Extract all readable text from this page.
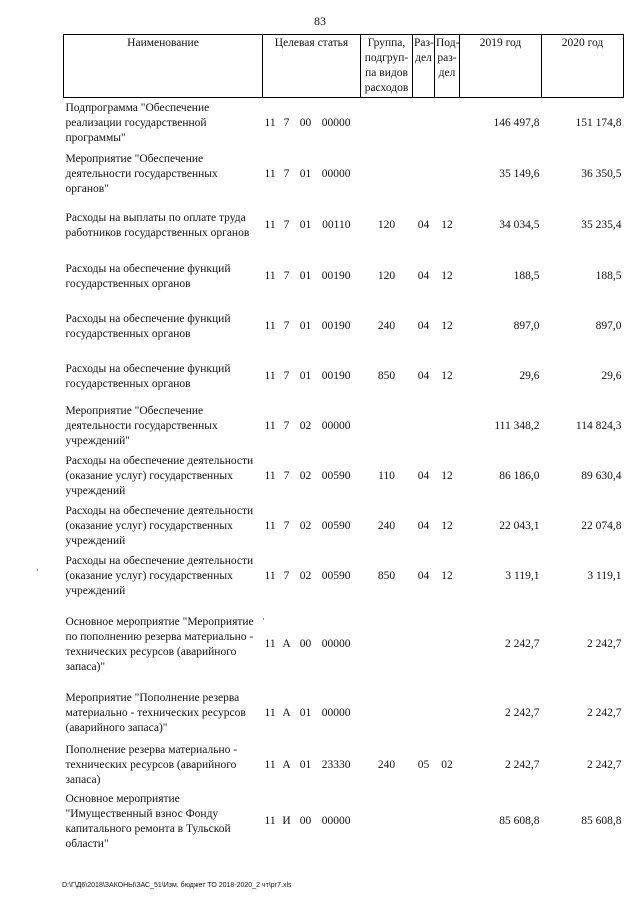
83
Наименование	Целевая статья	Группа, подгруп-па видов расходов	Раз-дел	Под-раз-дел	2019 год	2020 год
Подпрограмма "Обеспечение реализации государственной программы"	11 7 00 00000				146 497,8	151 174,8
Мероприятие "Обеспечение деятельности государственных органов"	11 7 01 00000				35 149,6	36 350,5
Расходы на выплаты по оплате труда работников государственных органов	11 7 01 00110	120	04	12	34 034,5	35 235,4
Расходы на обеспечение функций государственных органов	11 7 01 00190	120	04	12	188,5	188,5
Расходы на обеспечение функций государственных органов	11 7 01 00190	240	04	12	897,0	897,0
Расходы на обеспечение функций государственных органов	11 7 01 00190	850	04	12	29,6	29,6
Мероприятие "Обеспечение деятельности государственных учреждений"	11 7 02 00000				111 348,2	114 824,3
Расходы на обеспечение деятельности (оказание услуг) государственных учреждений	11 7 02 00590	110	04	12	86 186,0	89 630,4
Расходы на обеспечение деятельности (оказание услуг) государственных учреждений	11 7 02 00590	240	04	12	22 043,1	22 074,8
Расходы на обеспечение деятельности (оказание услуг) государственных учреждений	11 7 02 00590	850	04	12	3 119,1	3 119,1
Основное мероприятие "Мероприятие по пополнению резерва материально - технических ресурсов (аварийного запаса)"	11 А 00 00000				2 242,7	2 242,7
Мероприятие "Пополнение резерва материально - технических ресурсов (аварийного запаса)"	11 А 01 00000				2 242,7	2 242,7
Пополнение резерва материально - технических ресурсов (аварийного запаса)	11 А 01 23330	240	05	02	2 242,7	2 242,7
Основное мероприятие "Имущественный взнос Фонду капитального ремонта в Тульской области"	11 И 00 00000				85 608,8	85 608,8
·
·
D:\Г\Д6\2018\ЗАКОНЫ\ЗАС_51\Изм. бюджет ТО 2018-2020_2 чт\рг7.xls
